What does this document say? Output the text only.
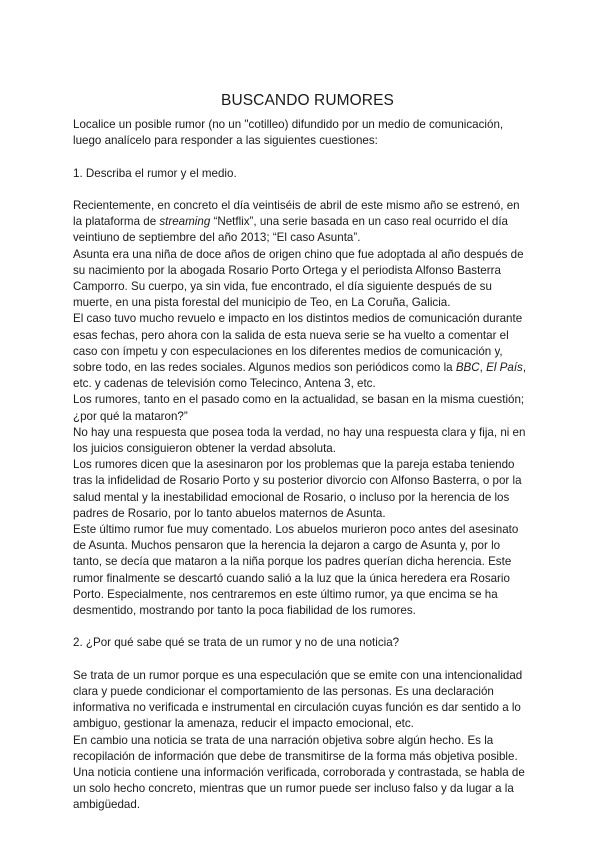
BUSCANDO RUMORES

Localice un posible rumor (no un "cotilleo) difundido por un medio de comunicación, luego analícelo para responder a las siguientes cuestiones:

1. Describa el rumor y el medio.

Recientemente, en concreto el día veintiséis de abril de este mismo año se estrenó, en la plataforma de streaming “Netflix”, una serie basada en un caso real ocurrido el día veintiuno de septiembre del año 2013; “El caso Asunta”.

Asunta era una niña de doce años de origen chino que fue adoptada al año después de su nacimiento por la abogada Rosario Porto Ortega y el periodista Alfonso Basterra Camporro. Su cuerpo, ya sin vida, fue encontrado, el día siguiente después de su muerte, en una pista forestal del municipio de Teo, en La Coruña, Galicia.

El caso tuvo mucho revuelo e impacto en los distintos medios de comunicación durante esas fechas, pero ahora con la salida de esta nueva serie se ha vuelto a comentar el caso con ímpetu y con especulaciones en los diferentes medios de comunicación y, sobre todo, en las redes sociales. Algunos medios son periódicos como la BBC, El País, etc. y cadenas de televisión como Telecinco, Antena 3, etc.

Los rumores, tanto en el pasado como en la actualidad, se basan en la misma cuestión; ¿por qué la mataron?”

No hay una respuesta que posea toda la verdad, no hay una respuesta clara y fija, ni en los juicios consiguieron obtener la verdad absoluta.

Los rumores dicen que la asesinaron por los problemas que la pareja estaba teniendo tras la infidelidad de Rosario Porto y su posterior divorcio con Alfonso Basterra, o por la salud mental y la inestabilidad emocional de Rosario, o incluso por la herencia de los padres de Rosario, por lo tanto abuelos maternos de Asunta.

Este último rumor fue muy comentado. Los abuelos murieron poco antes del asesinato de Asunta. Muchos pensaron que la herencia la dejaron a cargo de Asunta y, por lo tanto, se decía que mataron a la niña porque los padres querían dicha herencia. Este rumor finalmente se descartó cuando salió a la luz que la única heredera era Rosario Porto. Especialmente, nos centraremos en este último rumor, ya que encima se ha desmentido, mostrando por tanto la poca fiabilidad de los rumores.

2. ¿Por qué sabe qué se trata de un rumor y no de una noticia?

Se trata de un rumor porque es una especulación que se emite con una intencionalidad clara y puede condicionar el comportamiento de las personas. Es una declaración informativa no verificada e instrumental en circulación cuyas función es dar sentido a lo ambiguo, gestionar la amenaza, reducir el impacto emocional, etc.

En cambio una noticia se trata de una narración objetiva sobre algún hecho. Es la recopilación de información que debe de transmitirse de la forma más objetiva posible.

Una noticia contiene una información verificada, corroborada y contrastada, se habla de un solo hecho concreto, mientras que un rumor puede ser incluso falso y da lugar a la ambigüedad.
